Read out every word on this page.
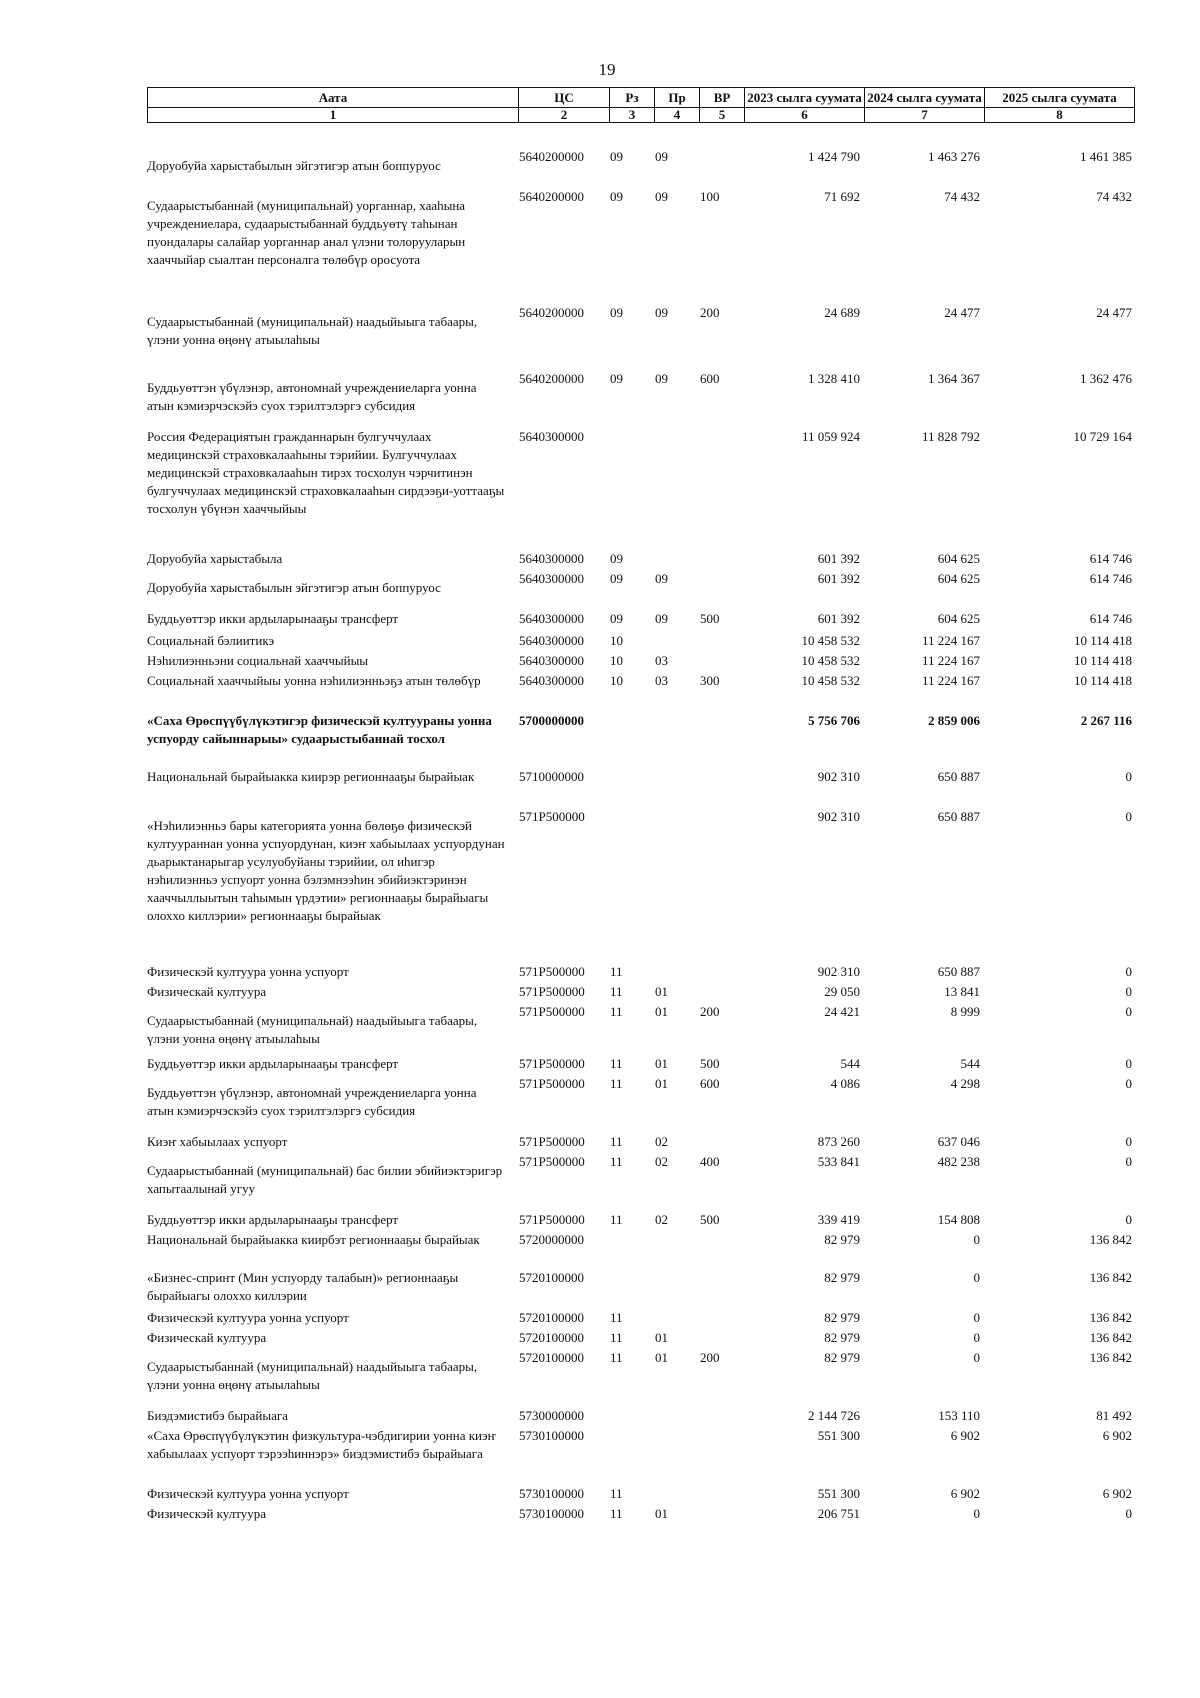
19
Аата	ЦС	Рз	Пр	ВР	2023 сылга суумата	2024 сылга суумата	2025 сылга суумата
1	2	3	4	5	6	7	8
Доруобуйа харыстабылын эйгэтигэр атын боппуруос	5640200000	09	09		1 424 790	1 463 276	1 461 385
Судаарыстыбаннай (муниципальнай) уорганнар, хааһына учреждениелара, судаарыстыбаннай буддьуөтү таһынан пуондалары салайар уорганнар анал үлэни толорууларын хааччыйар сыалтан персоналга төлөбүр оросуота	5640200000	09	09	100	71 692	74 432	74 432
Судаарыстыбаннай (муниципальнай) наадыйыыга табаары, үлэни уонна өңөнү атыылаһыы	5640200000	09	09	200	24 689	24 477	24 477
Буддьуөттэн үбүлэнэр, автономнай учреждениеларга уонна атын кэмиэрчэскэйэ суох тэрилтэлэргэ субсидия	5640200000	09	09	600	1 328 410	1 364 367	1 362 476
Россия Федерациятын гражданнарын булгуччулаах медицинскэй страховкалааһыны тэрийии. Булгуччулаах медицинскэй страховкалааһын тирэх тосхолун чэрчитинэн булгуччулаах медицинскэй страховкалааһын сирдээҕи-уоттааҕы тосхолун үбүнэн хааччыйыы	5640300000				11 059 924	11 828 792	10 729 164
Доруобуйа харыстабыла	5640300000	09			601 392	604 625	614 746
Доруобуйа харыстабылын эйгэтигэр атын боппуруос	5640300000	09	09		601 392	604 625	614 746
Буддьуөттэр икки ардыларынааҕы трансферт	5640300000	09	09	500	601 392	604 625	614 746
Социальнай бэлиитикэ	5640300000	10			10 458 532	11 224 167	10 114 418
Нэһилиэнньэни социальнай хааччыйыы	5640300000	10	03		10 458 532	11 224 167	10 114 418
Социальнай хааччыйыы уонна нэһилиэнньэҕэ атын төлөбүр	5640300000	10	03	300	10 458 532	11 224 167	10 114 418
«Саха Өрөспүүбүлүкэтигэр физическэй култуураны уонна успуорду сайыннарыы» судаарыстыбаннай тосхол	5700000000				5 756 706	2 859 006	2 267 116
Национальнай бырайыакка киирэр регионнааҕы бырайыак	5710000000				902 310	650 887	0
«Нэһилиэнньэ бары категорията уонна бөлөҕө физическэй култуураннан уонна успуордунан, киэҥ хабыылаах успуордунан дьарыктанарыгар усулуобуйаны тэрийии, ол иһигэр нэһилиэнньэ успуорт уонна бэлэмнээһин эбийиэктэринэн хааччыллыытын таһымын үрдэтии» регионнааҕы бырайыагы олоххо киллэрии» регионнааҕы бырайыак	571P500000				902 310	650 887	0
Физическэй култуура уонна успуорт	571P500000	11			902 310	650 887	0
Физическай култуура	571P500000	11	01		29 050	13 841	0
Судаарыстыбаннай (муниципальнай) наадыйыыга табаары, үлэни уонна өңөнү атыылаһыы	571P500000	11	01	200	24 421	8 999	0
Буддьуөттэр икки ардыларынааҕы трансферт	571P500000	11	01	500	544	544	0
Буддьуөттэн үбүлэнэр, автономнай учреждениеларга уонна атын кэмиэрчэскэйэ суох тэрилтэлэргэ субсидия	571P500000	11	01	600	4 086	4 298	0
Киэҥ хабыылаах успуорт	571P500000	11	02		873 260	637 046	0
Судаарыстыбаннай (муниципальнай) бас билии эбийиэктэригэр хапытаалынай угуу	571P500000	11	02	400	533 841	482 238	0
Буддьуөттэр икки ардыларынааҕы трансферт	571P500000	11	02	500	339 419	154 808	0
Национальнай бырайыакка киирбэт регионнааҕы бырайыак	5720000000				82 979	0	136 842
«Бизнес-спринт (Мин успуорду талабын)» регионнааҕы бырайыагы олоххо киллэрии	5720100000				82 979	0	136 842
Физическэй култуура уонна успуорт	5720100000	11			82 979	0	136 842
Физическай култуура	5720100000	11	01		82 979	0	136 842
Судаарыстыбаннай (муниципальнай) наадыйыыга табаары, үлэни уонна өңөнү атыылаһыы	5720100000	11	01	200	82 979	0	136 842
Биэдэмистибэ бырайыага	5730000000				2 144 726	153 110	81 492
«Саха Өрөспүүбүлүкэтин физкультура-чэбдигирии уонна киэҥ хабыылаах успуорт тэрээһиннэрэ» биэдэмистибэ бырайыага	5730100000				551 300	6 902	6 902
Физическэй култуура уонна успуорт	5730100000	11			551 300	6 902	6 902
Физическэй култуура	5730100000	11	01		206 751	0	0
